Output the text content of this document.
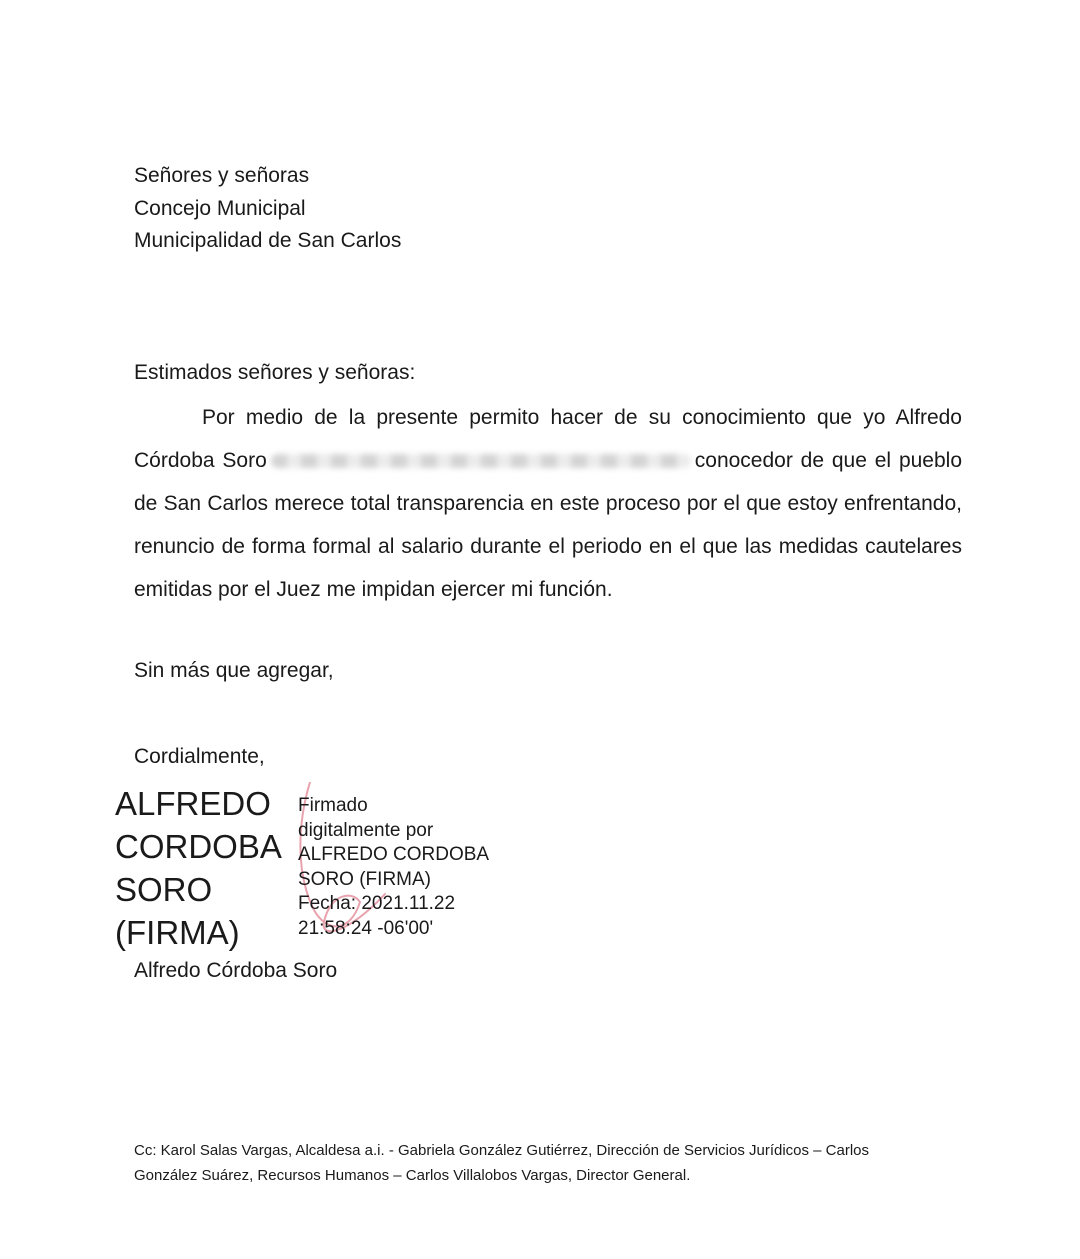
Señores y señoras
Concejo Municipal
Municipalidad de San Carlos
Estimados señores y señoras:
Por medio de la presente permito hacer de su conocimiento que yo Alfredo Córdoba Soro	conocedor de que el pueblo de San Carlos merece total transparencia en este proceso por el que estoy enfrentando, renuncio de forma formal al salario durante el periodo en el que las medidas cautelares emitidas por el Juez me impidan ejercer mi función.
Sin más que agregar,
Cordialmente,
ALFREDO
CORDOBA
SORO
(FIRMA)
Firmado
digitalmente por
ALFREDO CORDOBA
SORO (FIRMA)
Fecha: 2021.11.22
21:58:24 -06'00'
Alfredo Córdoba Soro
Cc: Karol Salas Vargas, Alcaldesa a.i. - Gabriela González Gutiérrez, Dirección de Servicios Jurídicos – Carlos González Suárez, Recursos Humanos – Carlos Villalobos Vargas, Director General.
